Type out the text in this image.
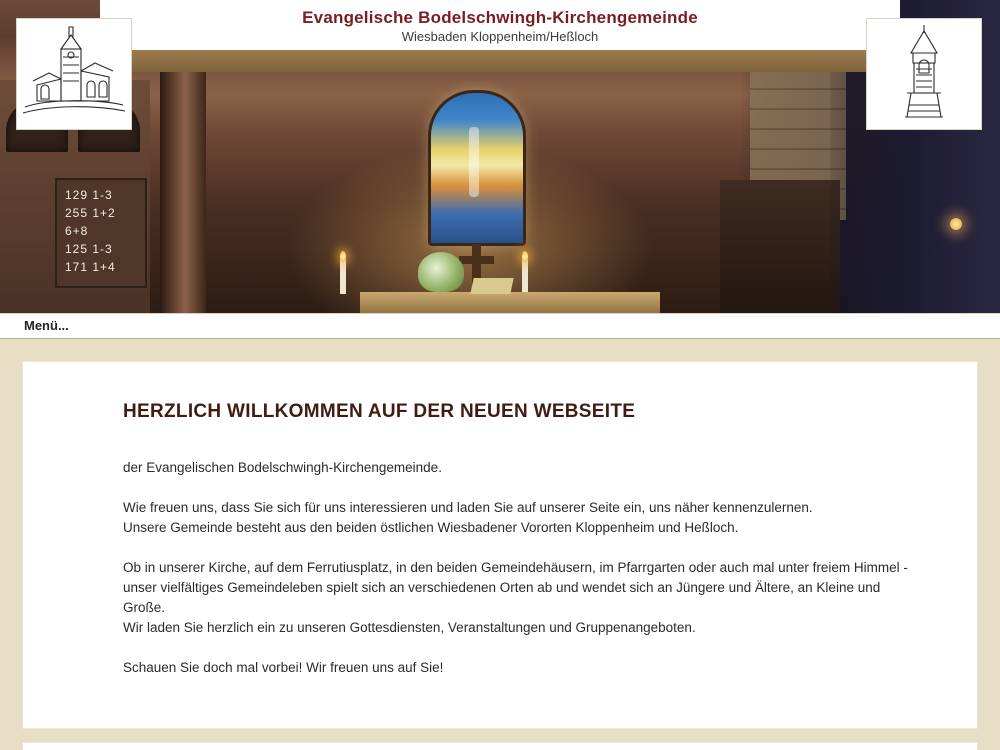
129 1-3
255 1+2
6+8
125 1-3
171 1+4
Evangelische Bodelschwingh-Kirchengemeinde
Wiesbaden Kloppenheim/Heßloch
Menü...
HERZLICH WILLKOMMEN AUF DER NEUEN WEBSEITE

der Evangelischen Bodelschwingh-Kirchengemeinde.

Wie freuen uns, dass Sie sich für uns interessieren und laden Sie auf unserer Seite ein, uns näher kennenzulernen.
Unsere Gemeinde besteht aus den beiden östlichen Wiesbadener Vororten Kloppenheim und Heßloch.

Ob in unserer Kirche, auf dem Ferrutiusplatz, in den beiden Gemeindehäusern, im Pfarrgarten oder auch mal unter freiem Himmel - unser vielfältiges Gemeindeleben spielt sich an verschiedenen Orten ab und wendet sich an Jüngere und Ältere, an Kleine und Große.
Wir laden Sie herzlich ein zu unseren Gottesdiensten, Veranstaltungen und Gruppenangeboten.

Schauen Sie doch mal vorbei! Wir freuen uns auf Sie!
